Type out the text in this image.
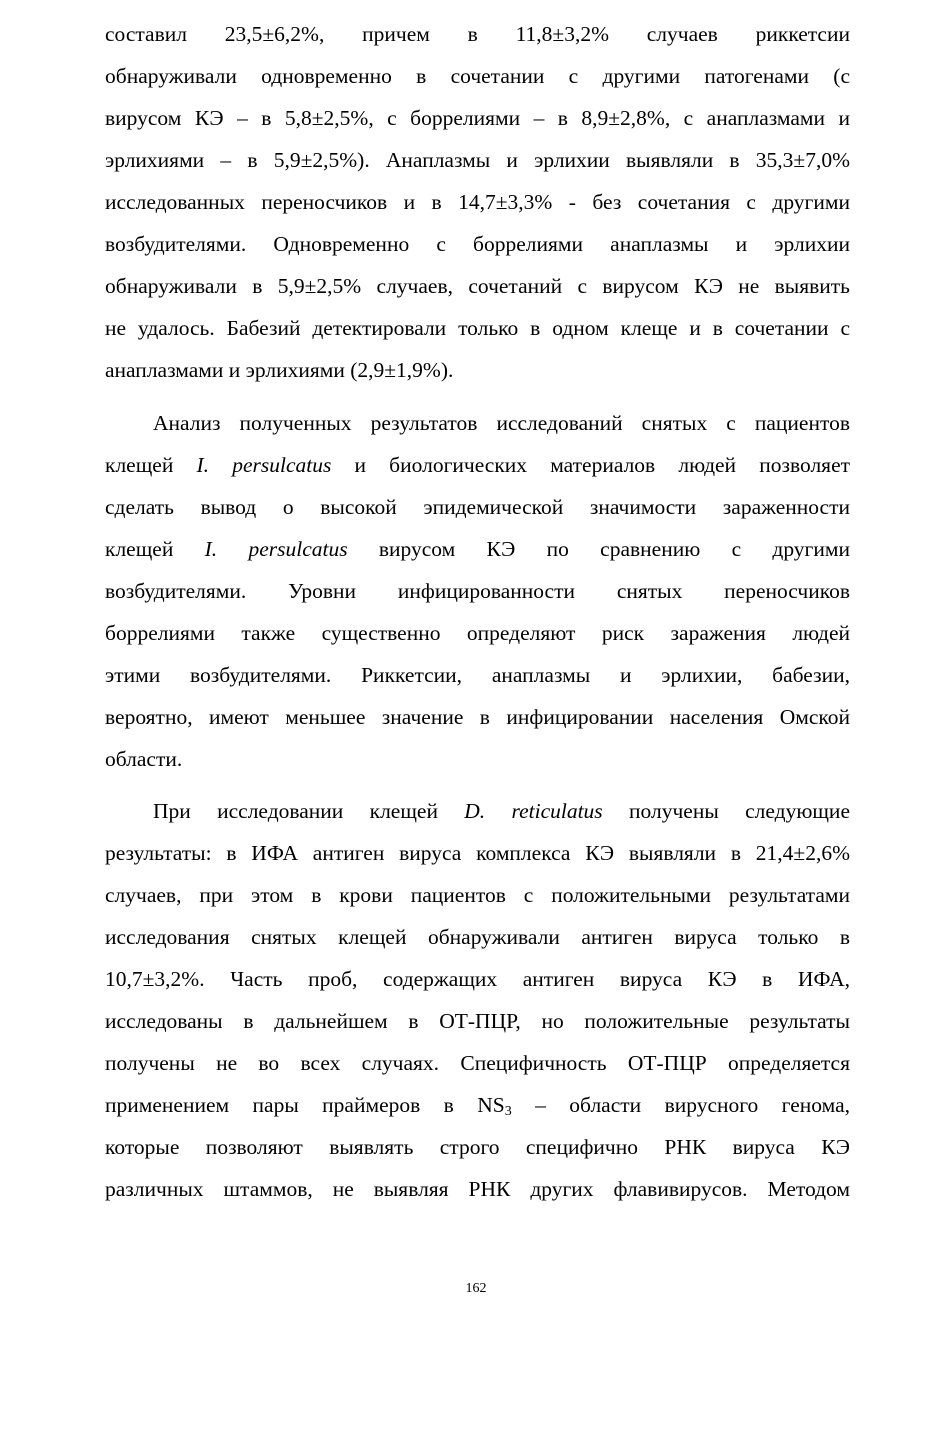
составил 23,5±6,2%, причем в 11,8±3,2% случаев риккетсии
обнаруживали одновременно в сочетании с другими патогенами (с
вирусом КЭ – в 5,8±2,5%, с боррелиями – в 8,9±2,8%, с анаплазмами и
эрлихиями – в 5,9±2,5%). Анаплазмы и эрлихии выявляли в 35,3±7,0%
исследованных переносчиков и в 14,7±3,3% - без сочетания с другими
возбудителями. Одновременно с боррелиями анаплазмы и эрлихии
обнаруживали в 5,9±2,5% случаев, сочетаний с вирусом КЭ не выявить
не удалось. Бабезий детектировали только в одном клеще и в сочетании с
анаплазмами и эрлихиями (2,9±1,9%).
Анализ полученных результатов исследований снятых с пациентов
клещей I. persulcatus и биологических материалов людей позволяет
сделать вывод о высокой эпидемической значимости зараженности
клещей I. persulcatus вирусом КЭ по сравнению с другими
возбудителями. Уровни инфицированности снятых переносчиков
боррелиями также существенно определяют риск заражения людей
этими возбудителями. Риккетсии, анаплазмы и эрлихии, бабезии,
вероятно, имеют меньшее значение в инфицировании населения Омской
области.
При исследовании клещей D. reticulatus получены следующие
результаты: в ИФА антиген вируса комплекса КЭ выявляли в 21,4±2,6%
случаев, при этом в крови пациентов с положительными результатами
исследования снятых клещей обнаруживали антиген вируса только в
10,7±3,2%. Часть проб, содержащих антиген вируса КЭ в ИФА,
исследованы в дальнейшем в ОТ-ПЦР, но положительные результаты
получены не во всех случаях. Специфичность ОТ-ПЦР определяется
применением пары праймеров в $NS_3$ – области вирусного генома,
которые позволяют выявлять строго специфично РНК вируса КЭ
различных штаммов, не выявляя РНК других флавивирусов. Методом
162
